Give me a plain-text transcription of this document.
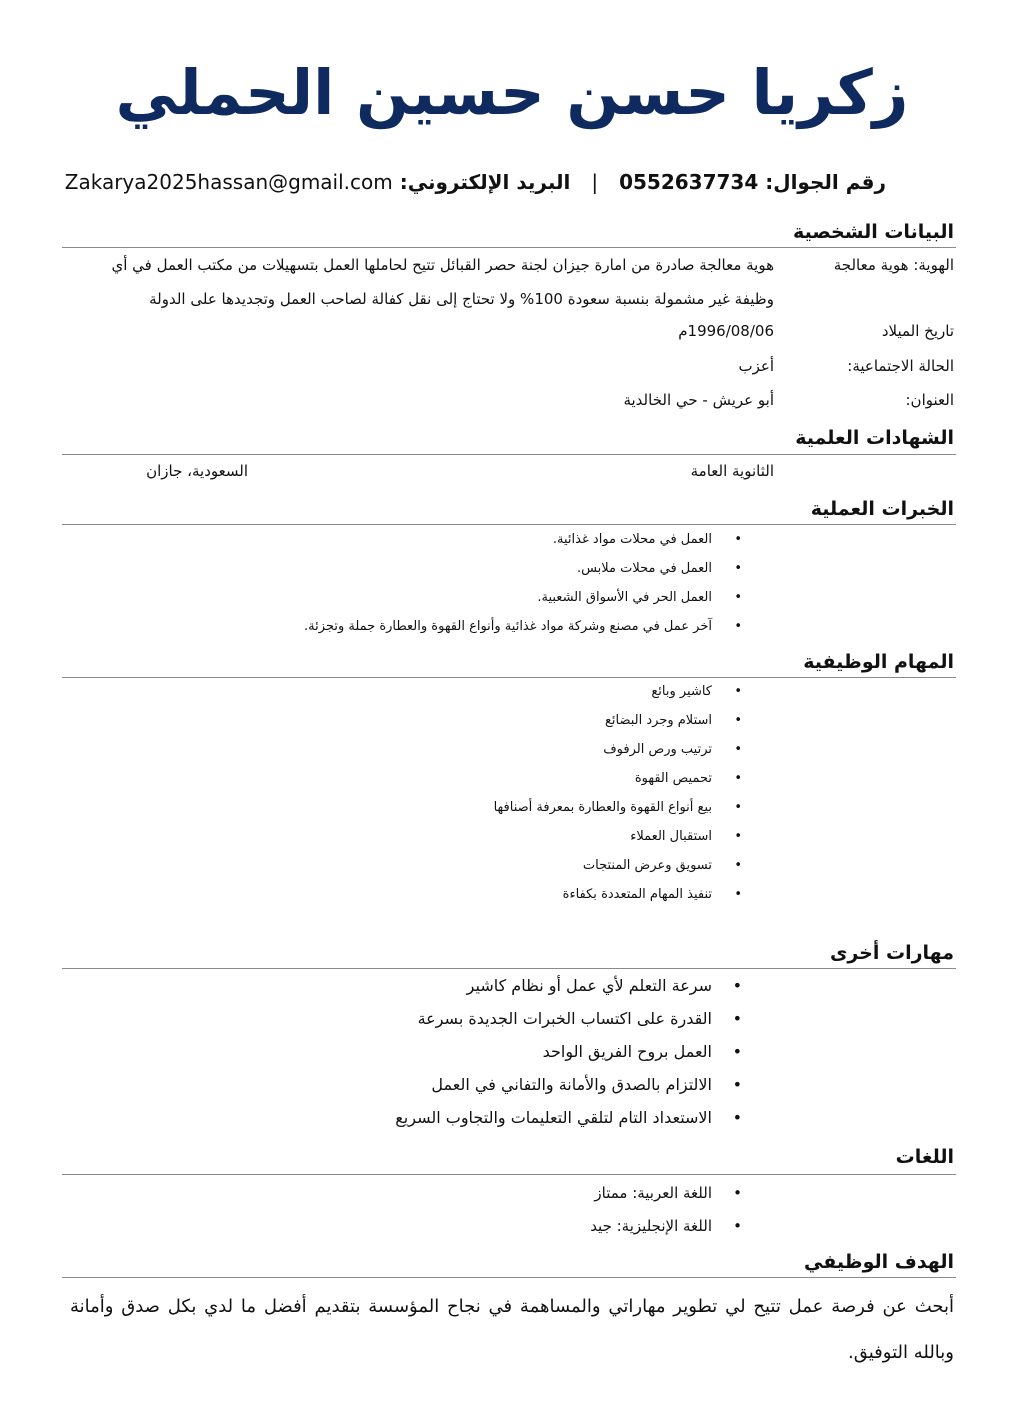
زكريا حسن حسين الحملي
رقم الجوال: 0552637734 | البريد الإلكتروني: Zakarya2025hassan@gmail.com
البيانات الشخصية
الهوية: هوية معالجة
هوية معالجة صادرة من امارة جيزان لجنة حصر القبائل تتيح لحاملها العمل بتسهيلات من مكتب العمل في أي وظيفة غير مشمولة بنسبة سعودة 100% ولا تحتاج إلى نقل كفالة لصاحب العمل وتجديدها على الدولة
تاريخ الميلاد
1996/08/06م
الحالة الاجتماعية:
أعزب
العنوان:
أبو عريش - حي الخالدية
الشهادات العلمية
الثانوية العامة
السعودية، جازان
الخبرات العملية
•
العمل في محلات مواد غذائية.
•
العمل في محلات ملابس.
•
العمل الحر في الأسواق الشعبية.
•
آخر عمل في مصنع وشركة مواد غذائية وأنواع القهوة والعطارة جملة وتجزئة.
المهام الوظيفية
•
كاشير وبائع
•
استلام وجرد البضائع
•
ترتيب ورص الرفوف
•
تحميص القهوة
•
بيع أنواع القهوة والعطارة بمعرفة أصنافها
•
استقبال العملاء
•
تسويق وعرض المنتجات
•
تنفيذ المهام المتعددة بكفاءة
مهارات أخرى
•
سرعة التعلم لأي عمل أو نظام كاشير
•
القدرة على اكتساب الخبرات الجديدة بسرعة
•
العمل بروح الفريق الواحد
•
الالتزام بالصدق والأمانة والتفاني في العمل
•
الاستعداد التام لتلقي التعليمات والتجاوب السريع
اللغات
•
اللغة العربية: ممتاز
•
اللغة الإنجليزية: جيد
الهدف الوظيفي
أبحث عن فرصة عمل تتيح لي تطوير مهاراتي والمساهمة في نجاح المؤسسة بتقديم أفضل ما لدي بكل صدق وأمانة وبالله التوفيق.
